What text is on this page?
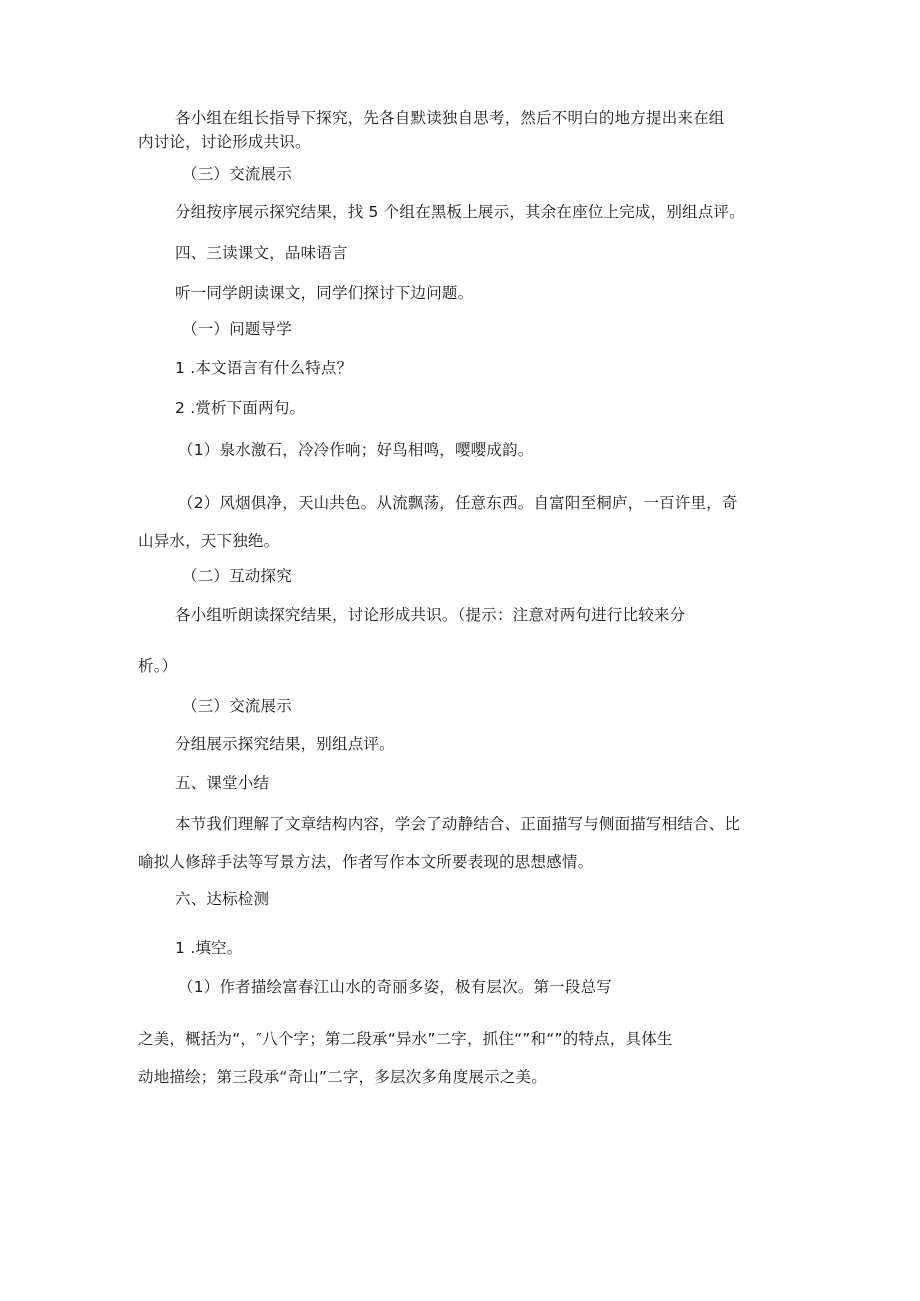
各小组在组长指导下探究，先各自默读独自思考，然后不明白的地方提出来在组
内讨论，讨论形成共识。
（三）交流展示
分组按序展示探究结果，找 5 个组在黑板上展示，其余在座位上完成，别组点评。
四、三读课文，品味语言
听一同学朗读课文，同学们探讨下边问题。
（一）问题导学
1 .本文语言有什么特点？
2 .赏析下面两句。
（1）泉水激石，冷冷作响；好鸟相鸣，嘤嘤成韵。
（2）风烟俱净，天山共色。从流飘荡，任意东西。自富阳至桐庐，一百许里，奇
山异水，天下独绝。
（二）互动探究
各小组听朗读探究结果，讨论形成共识。（提示：注意对两句进行比较来分
析。）
（三）交流展示
分组展示探究结果，别组点评。
五、课堂小结
本节我们理解了文章结构内容，学会了动静结合、正面描写与侧面描写相结合、比
喻拟人修辞手法等写景方法，作者写作本文所要表现的思想感情。
六、达标检测
1 .填空。
（1）作者描绘富春江山水的奇丽多姿，极有层次。第一段总写
之美，概括为“，″八个字；第二段承“异水”二字，抓住“”和“”的特点，具体生
动地描绘；第三段承“奇山”二字，多层次多角度展示之美。
